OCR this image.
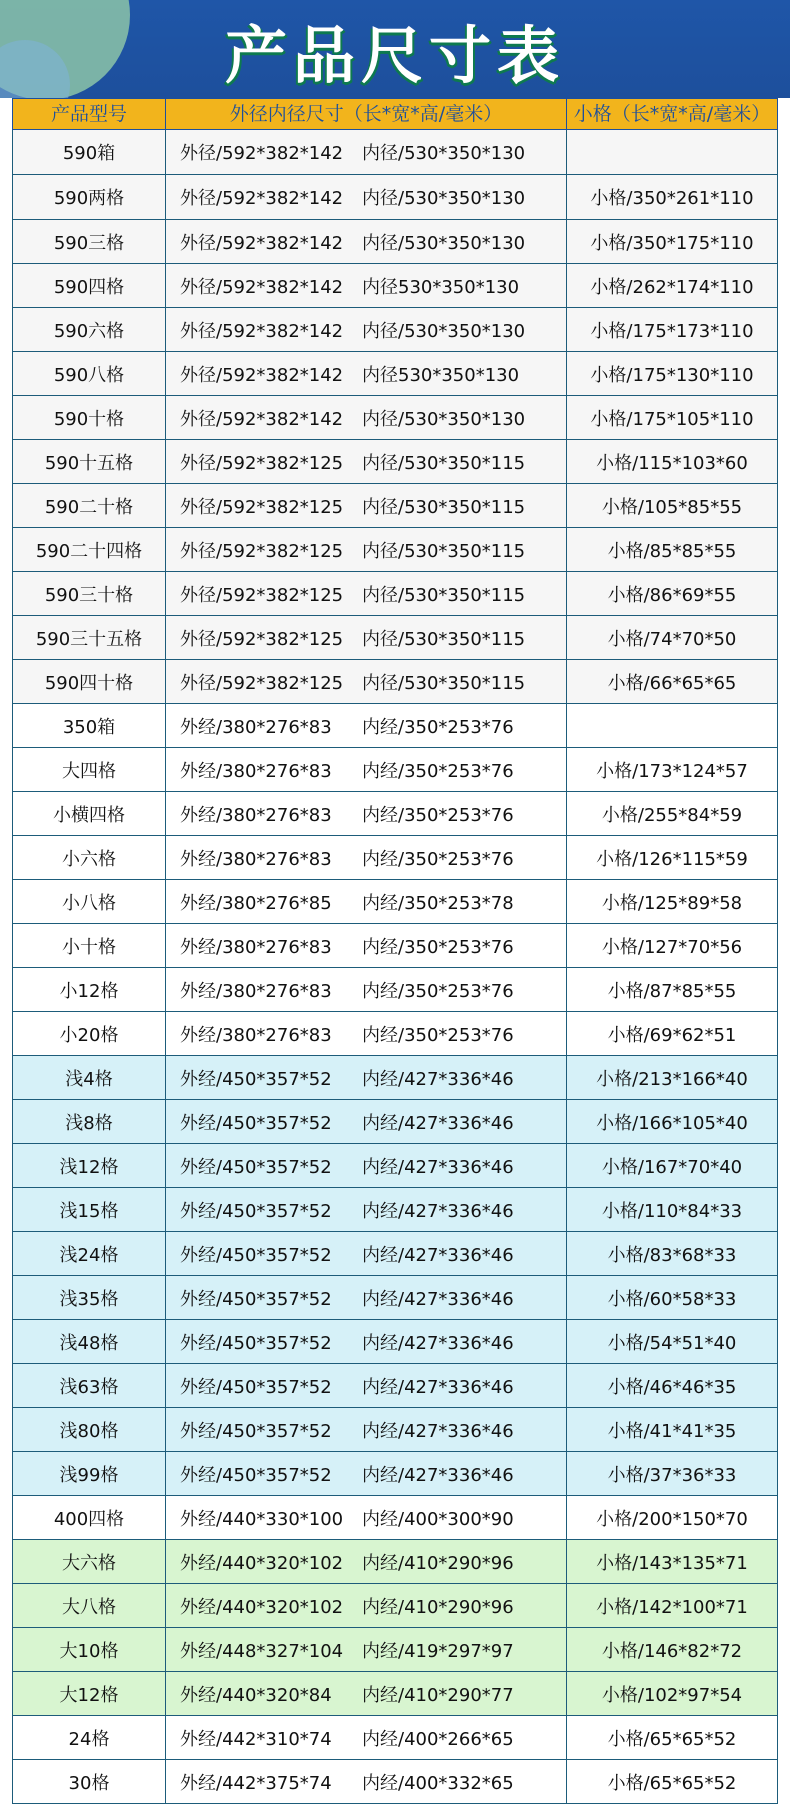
产品尺寸表
产品型号	外径内径尺寸（长*宽*高/毫米）	小格（长*宽*高/毫米）
590箱	外径/592*382*142	内径/530*350*130
590两格	外径/592*382*142	内径/530*350*130	小格/350*261*110
590三格	外径/592*382*142	内径/530*350*130	小格/350*175*110
590四格	外径/592*382*142	内径530*350*130	小格/262*174*110
590六格	外径/592*382*142	内径/530*350*130	小格/175*173*110
590八格	外径/592*382*142	内径530*350*130	小格/175*130*110
590十格	外径/592*382*142	内径/530*350*130	小格/175*105*110
590十五格	外径/592*382*125	内径/530*350*115	小格/115*103*60
590二十格	外径/592*382*125	内径/530*350*115	小格/105*85*55
590二十四格	外径/592*382*125	内径/530*350*115	小格/85*85*55
590三十格	外径/592*382*125	内径/530*350*115	小格/86*69*55
590三十五格	外径/592*382*125	内径/530*350*115	小格/74*70*50
590四十格	外径/592*382*125	内径/530*350*115	小格/66*65*65
350箱	外经/380*276*83	内经/350*253*76
大四格	外经/380*276*83	内经/350*253*76	小格/173*124*57
小横四格	外经/380*276*83	内经/350*253*76	小格/255*84*59
小六格	外经/380*276*83	内经/350*253*76	小格/126*115*59
小八格	外经/380*276*85	内经/350*253*78	小格/125*89*58
小十格	外经/380*276*83	内经/350*253*76	小格/127*70*56
小12格	外经/380*276*83	内经/350*253*76	小格/87*85*55
小20格	外经/380*276*83	内经/350*253*76	小格/69*62*51
浅4格	外经/450*357*52	内经/427*336*46	小格/213*166*40
浅8格	外经/450*357*52	内经/427*336*46	小格/166*105*40
浅12格	外经/450*357*52	内经/427*336*46	小格/167*70*40
浅15格	外经/450*357*52	内经/427*336*46	小格/110*84*33
浅24格	外经/450*357*52	内经/427*336*46	小格/83*68*33
浅35格	外经/450*357*52	内经/427*336*46	小格/60*58*33
浅48格	外经/450*357*52	内经/427*336*46	小格/54*51*40
浅63格	外经/450*357*52	内经/427*336*46	小格/46*46*35
浅80格	外经/450*357*52	内经/427*336*46	小格/41*41*35
浅99格	外经/450*357*52	内经/427*336*46	小格/37*36*33
400四格	外经/440*330*100	内经/400*300*90	小格/200*150*70
大六格	外经/440*320*102	内经/410*290*96	小格/143*135*71
大八格	外经/440*320*102	内经/410*290*96	小格/142*100*71
大10格	外经/448*327*104	内经/419*297*97	小格/146*82*72
大12格	外经/440*320*84	内经/410*290*77	小格/102*97*54
24格	外经/442*310*74	内经/400*266*65	小格/65*65*52
30格	外经/442*375*74	内经/400*332*65	小格/65*65*52
